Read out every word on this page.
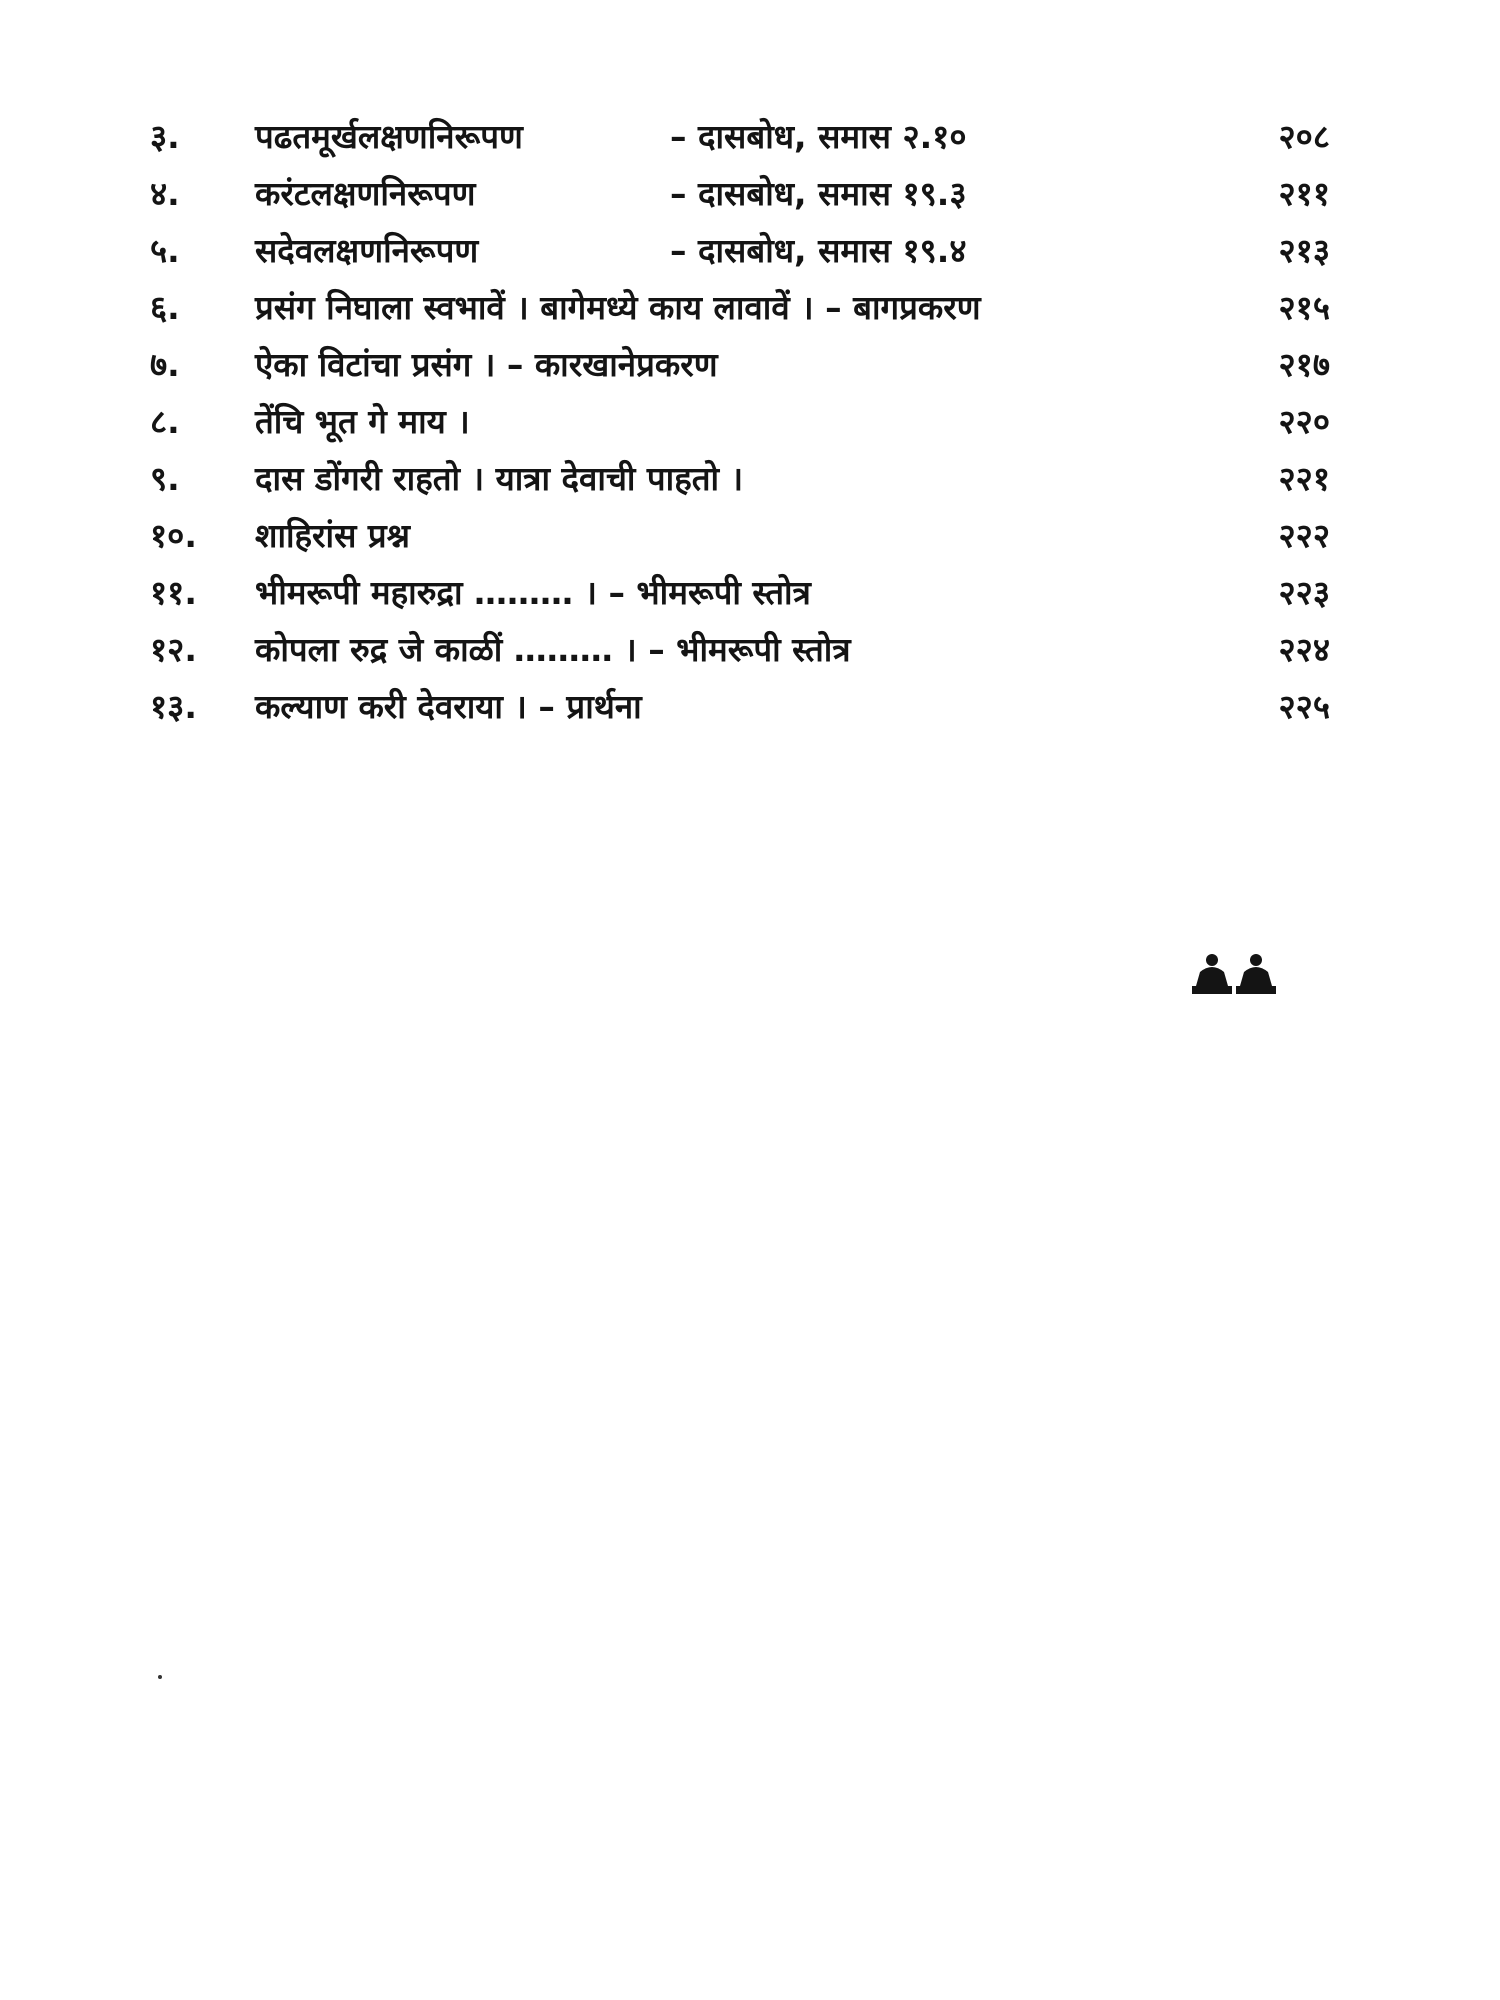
३.	पढतमूर्खलक्षणनिरूपण	– दासबोध, समास २.१०	२०८
४.	करंटलक्षणनिरूपण	– दासबोध, समास १९.३	२११
५.	सदेवलक्षणनिरूपण	– दासबोध, समास १९.४	२१३
६.	प्रसंग निघाला स्वभावें । बागेमध्ये काय लावावें । – बागप्रकरण	२१५
७.	ऐका विटांचा प्रसंग । – कारखानेप्रकरण	२१७
८.	तेंचि भूत गे माय ।	२२०
९.	दास डोंगरी राहतो । यात्रा देवाची पाहतो ।	२२१
१०.	शाहिरांस प्रश्न	२२२
११.	भीमरूपी महारुद्रा ……… । – भीमरूपी स्तोत्र	२२३
१२.	कोपला रुद्र जे काळीं ……… । – भीमरूपी स्तोत्र	२२४
१३.	कल्याण करी देवराया । – प्रार्थना	२२५
